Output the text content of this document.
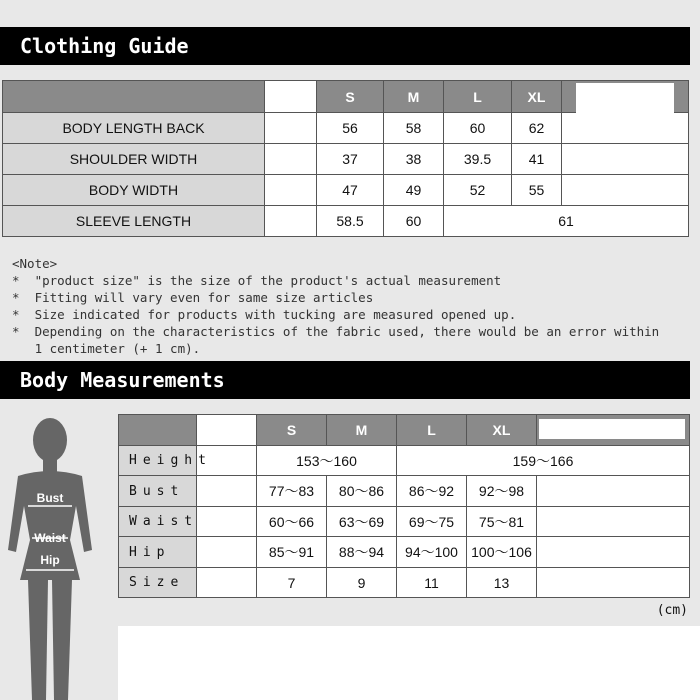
Clothing Guide
		S	M	L	XL	

BODY LENGTH BACK		56	58	60	62	
SHOULDER WIDTH		37	38	39.5	41	
BODY WIDTH		47	49	52	55	
SLEEVE LENGTH		58.5	60	61		
<Note>
*  "product size" is the size of the product's actual measurement
*  Fitting will vary even for same size articles
*  Size indicated for products with tucking are measured opened up.
*  Depending on the characteristics of the fabric used, there would be an error within
1 centimeter (+ 1 cm).
Body Measurements
Bust
Waist
Hip
		S	M	L	XL	

Height		153～160		159～166		
Bust		77～83	80～86	86～92	92～98	
Waist		60～66	63～69	69～75	75～81	
Hip		85～91	88～94	94～100	100～106	
Size		7	9	11	13	
(cm)
